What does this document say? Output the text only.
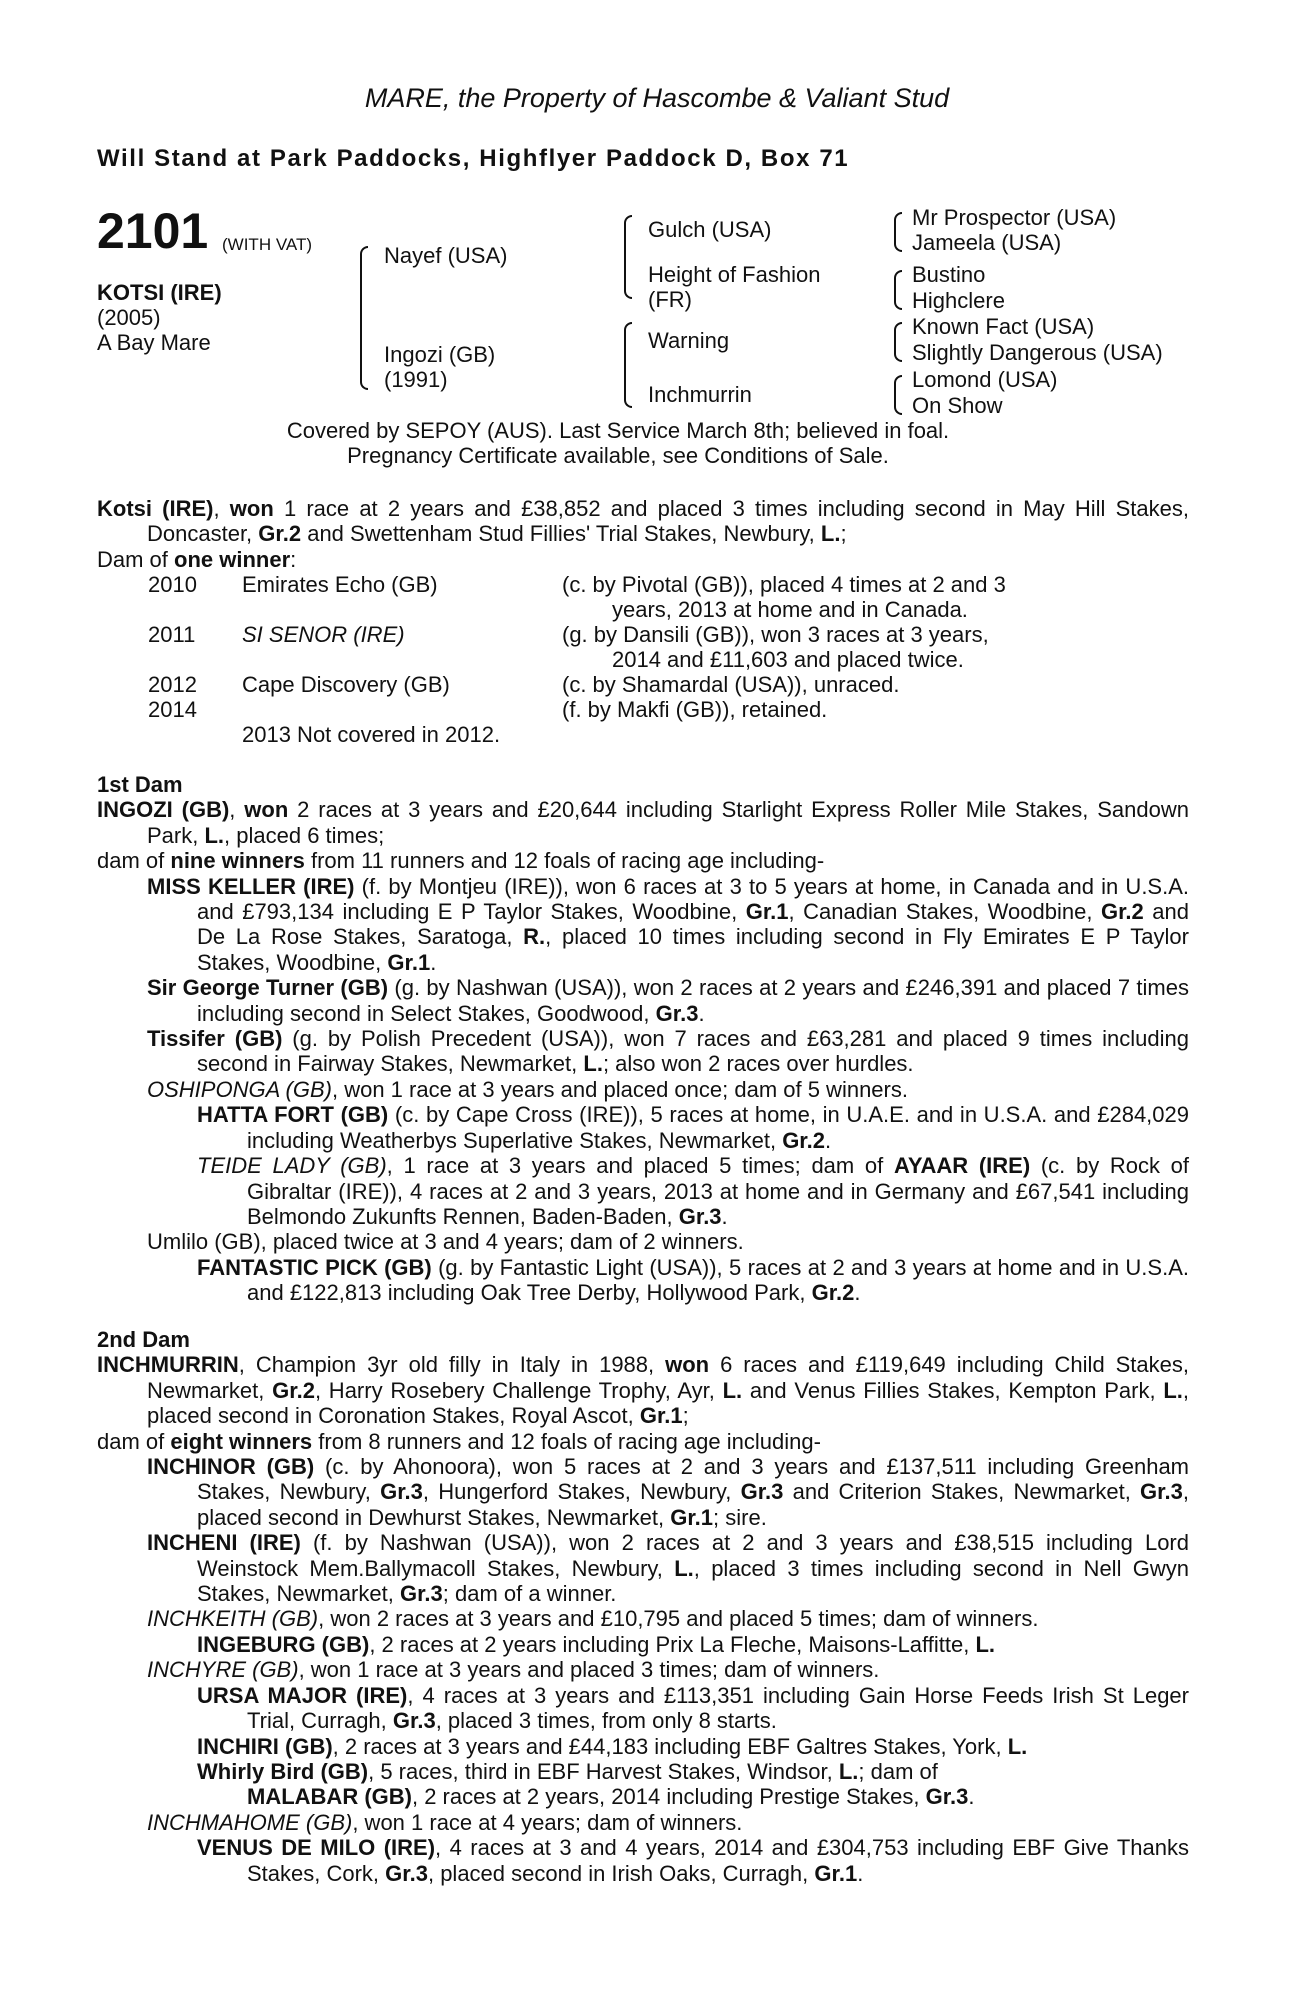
MARE, the Property of Hascombe & Valiant Stud
Will Stand at Park Paddocks, Highflyer Paddock D, Box 71
2101 (WITH VAT)
KOTSI (IRE)
(2005)
A Bay Mare
Nayef (USA)
Ingozi (GB)
(1991)
Gulch (USA)
Height of Fashion
(FR)
Warning
Inchmurrin
Mr Prospector (USA)
Jameela (USA)
Bustino
Highclere
Known Fact (USA)
Slightly Dangerous (USA)
Lomond (USA)
On Show
Covered by SEPOY (AUS). Last Service March 8th; believed in foal.
Pregnancy Certificate available, see Conditions of Sale.

Kotsi (IRE), won 1 race at 2 years and £38,852 and placed 3 times including second in May Hill Stakes, Doncaster, Gr.2 and Swettenham Stud Fillies' Trial Stakes, Newbury, L.;

Dam of one winner:

2010 Emirates Echo (GB)	(c. by Pivotal (GB)), placed 4 times at 2 and 3
years, 2013 at home and in Canada.
2011 SI SENOR (IRE)	(g. by Dansili (GB)), won 3 races at 3 years,
2014 and £11,603 and placed twice.
2012 Cape Discovery (GB)	(c. by Shamardal (USA)), unraced.
2014	(f. by Makfi (GB)), retained.
2013 Not covered in 2012.

1st Dam

INGOZI (GB), won 2 races at 3 years and £20,644 including Starlight Express Roller Mile Stakes, Sandown Park, L., placed 6 times;

dam of nine winners from 11 runners and 12 foals of racing age including-

MISS KELLER (IRE) (f. by Montjeu (IRE)), won 6 races at 3 to 5 years at home, in Canada and in U.S.A. and £793,134 including E P Taylor Stakes, Woodbine, Gr.1, Canadian Stakes, Woodbine, Gr.2 and De La Rose Stakes, Saratoga, R., placed 10 times including second in Fly Emirates E P Taylor Stakes, Woodbine, Gr.1.

Sir George Turner (GB) (g. by Nashwan (USA)), won 2 races at 2 years and £246,391 and placed 7 times including second in Select Stakes, Goodwood, Gr.3.

Tissifer (GB) (g. by Polish Precedent (USA)), won 7 races and £63,281 and placed 9 times including second in Fairway Stakes, Newmarket, L.; also won 2 races over hurdles.

OSHIPONGA (GB), won 1 race at 3 years and placed once; dam of 5 winners.

HATTA FORT (GB) (c. by Cape Cross (IRE)), 5 races at home, in U.A.E. and in U.S.A. and £284,029 including Weatherbys Superlative Stakes, Newmarket, Gr.2.

TEIDE LADY (GB), 1 race at 3 years and placed 5 times; dam of AYAAR (IRE) (c. by Rock of Gibraltar (IRE)), 4 races at 2 and 3 years, 2013 at home and in Germany and £67,541 including Belmondo Zukunfts Rennen, Baden-Baden, Gr.3.

Umlilo (GB), placed twice at 3 and 4 years; dam of 2 winners.

FANTASTIC PICK (GB) (g. by Fantastic Light (USA)), 5 races at 2 and 3 years at home and in U.S.A. and £122,813 including Oak Tree Derby, Hollywood Park, Gr.2.

2nd Dam

INCHMURRIN, Champion 3yr old filly in Italy in 1988, won 6 races and £119,649 including Child Stakes, Newmarket, Gr.2, Harry Rosebery Challenge Trophy, Ayr, L. and Venus Fillies Stakes, Kempton Park, L., placed second in Coronation Stakes, Royal Ascot, Gr.1;

dam of eight winners from 8 runners and 12 foals of racing age including-

INCHINOR (GB) (c. by Ahonoora), won 5 races at 2 and 3 years and £137,511 including Greenham Stakes, Newbury, Gr.3, Hungerford Stakes, Newbury, Gr.3 and Criterion Stakes, Newmarket, Gr.3, placed second in Dewhurst Stakes, Newmarket, Gr.1; sire.

INCHENI (IRE) (f. by Nashwan (USA)), won 2 races at 2 and 3 years and £38,515 including Lord Weinstock Mem.Ballymacoll Stakes, Newbury, L., placed 3 times including second in Nell Gwyn Stakes, Newmarket, Gr.3; dam of a winner.

INCHKEITH (GB), won 2 races at 3 years and £10,795 and placed 5 times; dam of winners.

INGEBURG (GB), 2 races at 2 years including Prix La Fleche, Maisons-Laffitte, L.

INCHYRE (GB), won 1 race at 3 years and placed 3 times; dam of winners.

URSA MAJOR (IRE), 4 races at 3 years and £113,351 including Gain Horse Feeds Irish St Leger Trial, Curragh, Gr.3, placed 3 times, from only 8 starts.

INCHIRI (GB), 2 races at 3 years and £44,183 including EBF Galtres Stakes, York, L.

Whirly Bird (GB), 5 races, third in EBF Harvest Stakes, Windsor, L.; dam of

MALABAR (GB), 2 races at 2 years, 2014 including Prestige Stakes, Gr.3.

INCHMAHOME (GB), won 1 race at 4 years; dam of winners.

VENUS DE MILO (IRE), 4 races at 3 and 4 years, 2014 and £304,753 including EBF Give Thanks Stakes, Cork, Gr.3, placed second in Irish Oaks, Curragh, Gr.1.
